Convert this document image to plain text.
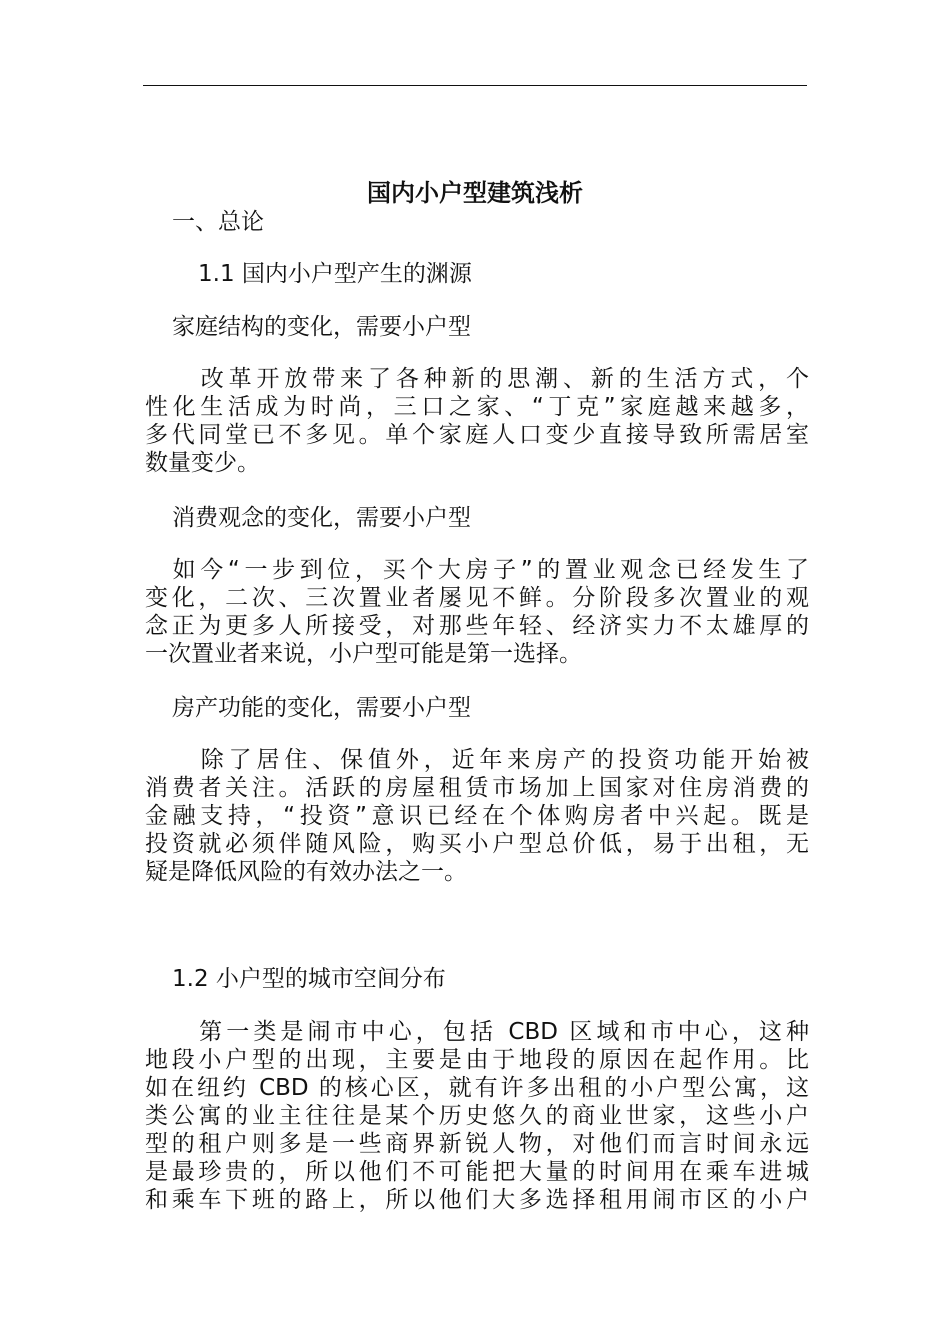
国内小户型建筑浅析

一、总论

1.1 国内小户型产生的渊源

家庭结构的变化，需要小户型

　　改革开放带来了各种新的思潮、新的生活方式，个
性化生活成为时尚，三口之家、“丁克”家庭越来越多，
多代同堂已不多见。单个家庭人口变少直接导致所需居室
数量变少。

消费观念的变化，需要小户型

　如今“一步到位，买个大房子”的置业观念已经发生了
变化，二次、三次置业者屡见不鲜。分阶段多次置业的观
念正为更多人所接受，对那些年轻、经济实力不太雄厚的
一次置业者来说，小户型可能是第一选择。

房产功能的变化，需要小户型

　　除了居住、保值外，近年来房产的投资功能开始被
消费者关注。活跃的房屋租赁市场加上国家对住房消费的
金融支持，“投资”意识已经在个体购房者中兴起。既是
投资就必须伴随风险，购买小户型总价低，易于出租，无
疑是降低风险的有效办法之一。

1.2 小户型的城市空间分布

　　第一类是闹市中心，包括 CBD 区域和市中心，这种
地段小户型的出现，主要是由于地段的原因在起作用。比
如在纽约 CBD 的核心区，就有许多出租的小户型公寓，这
类公寓的业主往往是某个历史悠久的商业世家，这些小户
型的租户则多是一些商界新锐人物，对他们而言时间永远
是最珍贵的，所以他们不可能把大量的时间用在乘车进城
和乘车下班的路上，所以他们大多选择租用闹市区的小户
